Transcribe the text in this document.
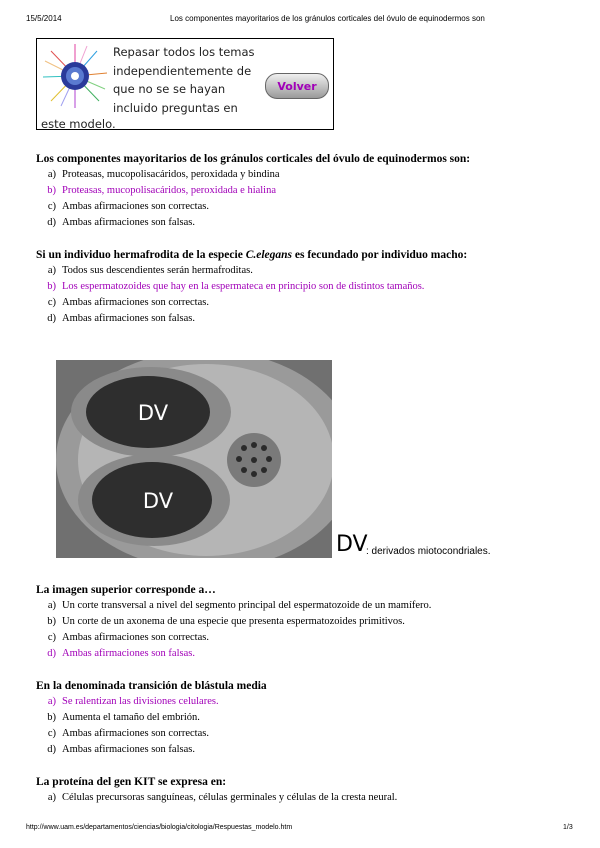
15/5/2014	Los componentes mayoritarios de los gránulos corticales del óvulo de equinodermos son
Repasar todos los temas independientemente de que no se se hayan incluido preguntas en
este modelo.
Volver
Los componentes mayoritarios de los gránulos corticales del óvulo de equinodermos son:
a) Proteasas, mucopolisacáridos, peroxidada y bindina
b) Proteasas, mucopolisacáridos, peroxidada e hialina
c) Ambas afirmaciones son correctas.
d) Ambas afirmaciones son falsas.
Si un individuo hermafrodita de la especie C.elegans es fecundado por individuo macho:
a) Todos sus descendientes serán hermafroditas.
b) Los espermatozoides que hay en la espermateca en principio son de distintos tamaños.
c) Ambas afirmaciones son correctas.
d) Ambas afirmaciones son falsas.
DV
DV
DV
: derivados miotocondriales.
La imagen superior corresponde a…
a) Un corte transversal a nivel del segmento principal del espermatozoide de un mamífero.
b) Un corte de un axonema de una especie que presenta espermatozoides primitivos.
c) Ambas afirmaciones son correctas.
d) Ambas afirmaciones son falsas.
En la denominada transición de blástula media
a) Se ralentizan las divisiones celulares.
b) Aumenta el tamaño del embrión.
c) Ambas afirmaciones son correctas.
d) Ambas afirmaciones son falsas.
La proteína del gen KIT se expresa en:
a) Células precursoras sanguíneas, células germinales y células de la cresta neural.
http://www.uam.es/departamentos/ciencias/biologia/citologia/Respuestas_modelo.htm	1/3
